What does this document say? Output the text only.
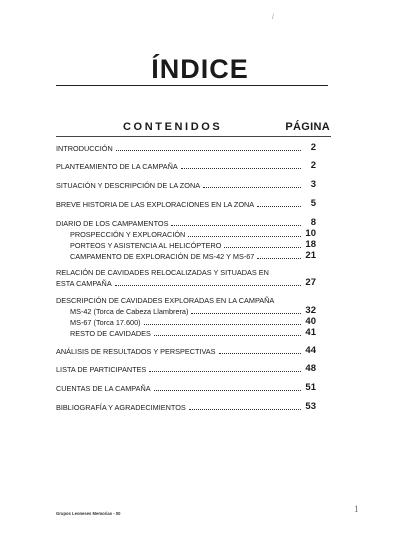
/
ÍNDICE
CONTENIDOS	PÁGINA
INTRODUCCIÓN	2
PLANTEAMIENTO DE LA CAMPAÑA	2
SITUACIÓN Y DESCRIPCIÓN DE LA ZONA	3
BREVE HISTORIA DE LAS EXPLORACIONES EN LA ZONA	5
DIARIO DE LOS CAMPAMENTOS	8
PROSPECCIÓN Y EXPLORACIÓN	10
PORTEOS Y ASISTENCIA AL HELICÓPTERO	18
CAMPAMENTO DE EXPLORACIÓN DE MS-42 Y MS-67	21
RELACIÓN DE CAVIDADES RELOCALIZADAS Y SITUADAS EN
ESTA CAMPAÑA	27
DESCRIPCIÓN DE CAVIDADES EXPLORADAS EN LA CAMPAÑA
MS-42 (Torca de Cabeza Llambrera)	32
MS-67 (Torca 17.600)	40
RESTO DE CAVIDADES	41
ANÁLISIS DE RESULTADOS Y PERSPECTIVAS	44
LISTA DE PARTICIPANTES	48
CUENTAS DE LA CAMPAÑA	51
BIBLIOGRAFÍA Y AGRADECIMIENTOS	53
Grupos Leoneses Memorias - 00	1
